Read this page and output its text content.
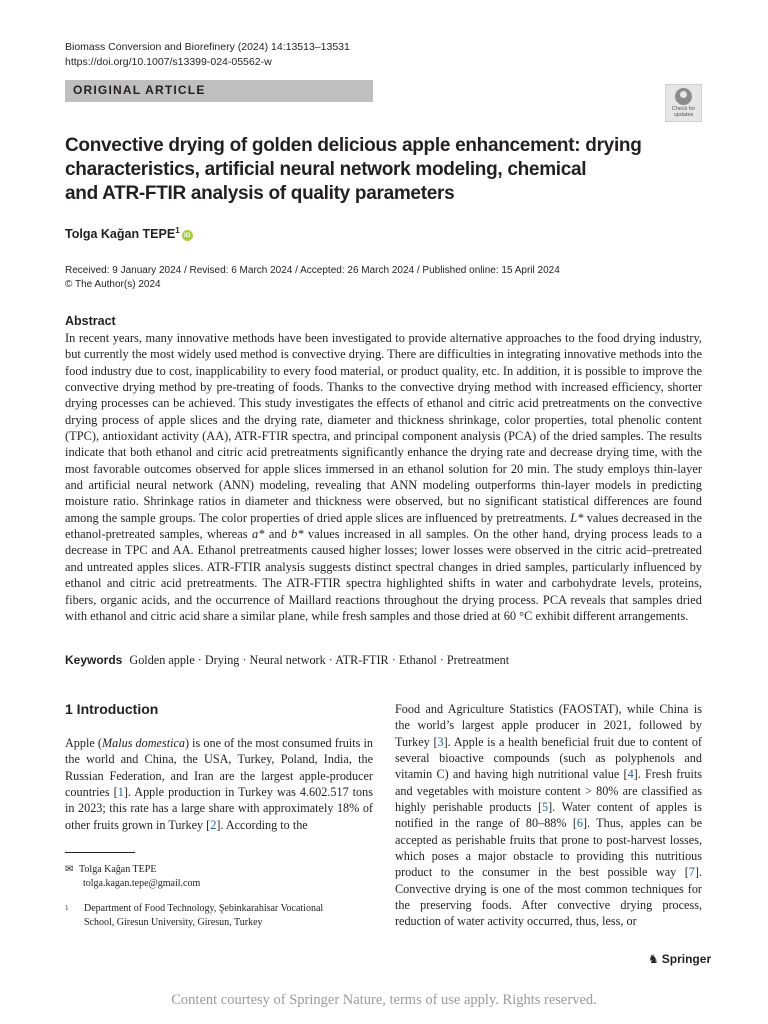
Biomass Conversion and Biorefinery (2024) 14:13513–13531
https://doi.org/10.1007/s13399-024-05562-w
ORIGINAL ARTICLE
Check for
updates
Convective drying of golden delicious apple enhancement: drying
characteristics, artificial neural network modeling, chemical
and ATR-FTIR analysis of quality parameters
Tolga Kağan TEPE$^1$iD
Received: 9 January 2024 / Revised: 6 March 2024 / Accepted: 26 March 2024 / Published online: 15 April 2024
© The Author(s) 2024
Abstract

In recent years, many innovative methods have been investigated to provide alternative approaches to the food drying industry, but currently the most widely used method is convective drying. There are difficulties in integrating innovative methods into the food industry due to cost, inapplicability to every food material, or product quality, etc. In addition, it is possible to improve the convective drying method by pre-treating of foods. Thanks to the convective drying method with increased efficiency, shorter drying processes can be achieved. This study investigates the effects of ethanol and citric acid pretreatments on the convective drying process of apple slices and the drying rate, diameter and thickness shrinkage, color properties, total phenolic content (TPC), antioxidant activity (AA), ATR-FTIR spectra, and principal component analysis (PCA) of the dried samples. The results indicate that both ethanol and citric acid pretreatments significantly enhance the drying rate and decrease drying time, with the most favorable outcomes observed for apple slices immersed in an ethanol solution for 20 min. The study employs thin-layer and artificial neural network (ANN) modeling, revealing that ANN modeling outperforms thin-layer models in predicting moisture ratio. Shrinkage ratios in diameter and thickness were observed, but no significant statistical differences are found among the sample groups. The color properties of dried apple slices are influenced by pretreatments. L* values decreased in the ethanol-pretreated samples, whereas a* and b* values increased in all samples. On the other hand, drying process leads to a decrease in TPC and AA. Ethanol pretreatments caused higher losses; lower losses were observed in the citric acid–pretreated and untreated apples slices. ATR-FTIR analysis suggests distinct spectral changes in dried samples, particularly influenced by ethanol and citric acid pretreatments. The ATR-FTIR spectra highlighted shifts in water and carbohydrate levels, proteins, fibers, organic acids, and the occurrence of Maillard reactions throughout the drying process. PCA reveals that samples dried with ethanol and citric acid share a similar plane, while fresh samples and those dried at 60 °C exhibit different arrangements.

Keywords Golden apple · Drying · Neural network · ATR-FTIR · Ethanol · Pretreatment
1 Introduction

Apple (Malus domestica) is one of the most consumed fruits in the world and China, the USA, Turkey, Poland, India, the Russian Federation, and Iran are the largest apple-producer countries [1]. Apple production in Turkey was 4.602.517 tons in 2023; this rate has a large share with approximately 18% of other fruits grown in Turkey [2]. According to the

Food and Agriculture Statistics (FAOSTAT), while China is the world’s largest apple producer in 2021, followed by Turkey [3]. Apple is a health beneficial fruit due to content of several bioactive compounds (such as polyphenols and vitamin C) and having high nutritional value [4]. Fresh fruits and vegetables with moisture content > 80% are classified as highly perishable products [5]. Water content of apples is notified in the range of 80–88% [6]. Thus, apples can be accepted as perishable fruits that prone to post-harvest losses, which poses a major obstacle to providing this nutritious product to the consumer in the best possible way [7]. Convective drying is one of the most common techniques for the preserving foods. After convective drying process, reduction of water activity occurred, thus, less, or

✉ Tolga Kağan TEPE
tolga.kagan.tepe@gmail.com
1 Department of Food Technology, Şebinkarahisar Vocational
School, Giresun University, Giresun, Turkey
♞ Springer
Content courtesy of Springer Nature, terms of use apply. Rights reserved.
